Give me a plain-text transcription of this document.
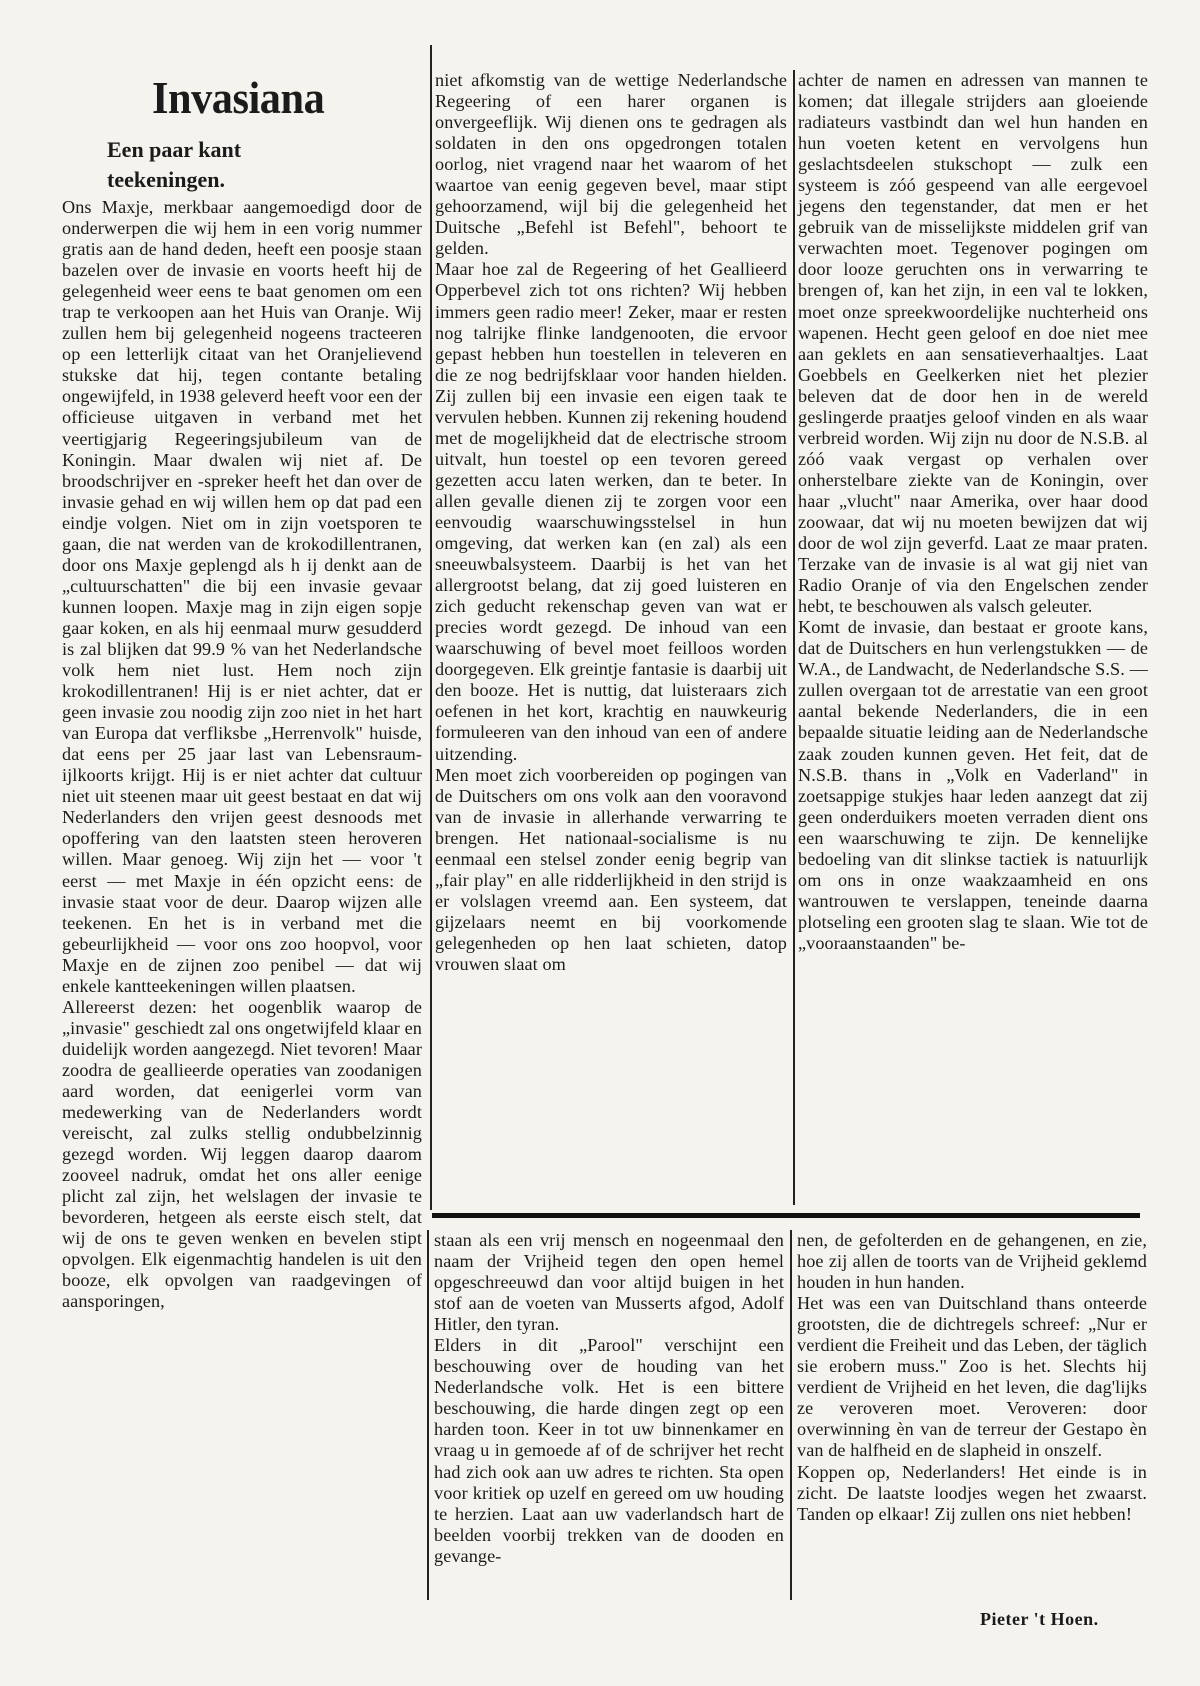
Invasiana
Een paar kant
teekeningen.
Ons Maxje, merkbaar aangemoedigd door de onderwerpen die wij hem in een vorig nummer gratis aan de hand deden, heeft een poosje staan bazelen over de invasie en voorts heeft hij de gelegenheid weer eens te baat genomen om een trap te verkoopen aan het Huis van Oranje. Wij zullen hem bij gelegenheid nogeens tracteeren op een letterlijk citaat van het Oranjelievend stukske dat hij, tegen contante betaling ongewijfeld, in 1938 geleverd heeft voor een der officieuse uitgaven in verband met het veertigjarig Regeeringsjubileum van de Koningin. Maar dwalen wij niet af. De broodschrijver en -spreker heeft het dan over de invasie gehad en wij willen hem op dat pad een eindje volgen. Niet om in zijn voetsporen te gaan, die nat werden van de krokodillentranen, door ons Maxje geplengd als h ij denkt aan de „cultuurschatten" die bij een invasie gevaar kunnen loopen. Maxje mag in zijn eigen sopje gaar koken, en als hij eenmaal murw gesudderd is zal blijken dat 99.9 % van het Nederlandsche volk hem niet lust. Hem noch zijn krokodillentranen! Hij is er niet achter, dat er geen invasie zou noodig zijn zoo niet in het hart van Europa dat verfliksbe „Herrenvolk" huisde, dat eens per 25 jaar last van Lebensraum-ijlkoorts krijgt. Hij is er niet achter dat cultuur niet uit steenen maar uit geest bestaat en dat wij Nederlanders den vrijen geest desnoods met opoffering van den laatsten steen heroveren willen. Maar genoeg. Wij zijn het — voor 't eerst — met Maxje in één opzicht eens: de invasie staat voor de deur. Daarop wijzen alle teekenen. En het is in verband met die gebeurlijkheid — voor ons zoo hoopvol, voor Maxje en de zijnen zoo penibel — dat wij enkele kantteekeningen willen plaatsen.
Allereerst dezen: het oogenblik waarop de „invasie" geschiedt zal ons ongetwijfeld klaar en duidelijk worden aangezegd. Niet tevoren! Maar zoodra de geallieerde operaties van zoodanigen aard worden, dat eenigerlei vorm van medewerking van de Nederlanders wordt vereischt, zal zulks stellig ondubbelzinnig gezegd worden. Wij leggen daarop daarom zooveel nadruk, omdat het ons aller eenige plicht zal zijn, het welslagen der invasie te bevorderen, hetgeen als eerste eisch stelt, dat wij de ons te geven wenken en bevelen stipt opvolgen. Elk eigenmachtig handelen is uit den booze, elk opvolgen van raadgevingen of aansporingen,
niet afkomstig van de wettige Nederlandsche Regeering of een harer organen is onvergeeflijk. Wij dienen ons te gedragen als soldaten in den ons opgedrongen totalen oorlog, niet vragend naar het waarom of het waartoe van eenig gegeven bevel, maar stipt gehoorzamend, wijl bij die gelegenheid het Duitsche „Befehl ist Befehl", behoort te gelden.
Maar hoe zal de Regeering of het Geallieerd Opperbevel zich tot ons richten? Wij hebben immers geen radio meer! Zeker, maar er resten nog talrijke flinke landgenooten, die ervoor gepast hebben hun toestellen in televeren en die ze nog bedrijfsklaar voor handen hielden. Zij zullen bij een invasie een eigen taak te vervulen hebben. Kunnen zij rekening houdend met de mogelijkheid dat de electrische stroom uitvalt, hun toestel op een tevoren gereed gezetten accu laten werken, dan te beter. In allen gevalle dienen zij te zorgen voor een eenvoudig waarschuwingsstelsel in hun omgeving, dat werken kan (en zal) als een sneeuwbalsysteem. Daarbij is het van het allergrootst belang, dat zij goed luisteren en zich geducht rekenschap geven van wat er precies wordt gezegd. De inhoud van een waarschuwing of bevel moet feilloos worden doorgegeven. Elk greintje fantasie is daarbij uit den booze. Het is nuttig, dat luisteraars zich oefenen in het kort, krachtig en nauwkeurig formuleeren van den inhoud van een of andere uitzending.
Men moet zich voorbereiden op pogingen van de Duitschers om ons volk aan den vooravond van de invasie in allerhande verwarring te brengen. Het nationaal-socialisme is nu eenmaal een stelsel zonder eenig begrip van „fair play" en alle ridderlijkheid in den strijd is er volslagen vreemd aan. Een systeem, dat gijzelaars neemt en bij voorkomende gelegenheden op hen laat schieten, datop vrouwen slaat om
achter de namen en adressen van mannen te komen; dat illegale strijders aan gloeiende radiateurs vastbindt dan wel hun handen en hun voeten ketent en vervolgens hun geslachtsdeelen stukschopt — zulk een systeem is zóó gespeend van alle eergevoel jegens den tegenstander, dat men er het gebruik van de misselijkste middelen grif van verwachten moet. Tegenover pogingen om door looze geruchten ons in verwarring te brengen of, kan het zijn, in een val te lokken, moet onze spreekwoordelijke nuchterheid ons wapenen. Hecht geen geloof en doe niet mee aan geklets en aan sensatieverhaaltjes. Laat Goebbels en Geelkerken niet het plezier beleven dat de door hen in de wereld geslingerde praatjes geloof vinden en als waar verbreid worden. Wij zijn nu door de N.S.B. al zóó vaak vergast op verhalen over onherstelbare ziekte van de Koningin, over haar „vlucht" naar Amerika, over haar dood zoowaar, dat wij nu moeten bewijzen dat wij door de wol zijn geverfd. Laat ze maar praten. Terzake van de invasie is al wat gij niet van Radio Oranje of via den Engelschen zender hebt, te beschouwen als valsch geleuter.
Komt de invasie, dan bestaat er groote kans, dat de Duitschers en hun verlengstukken — de W.A., de Landwacht, de Nederlandsche S.S. — zullen overgaan tot de arrestatie van een groot aantal bekende Nederlanders, die in een bepaalde situatie leiding aan de Nederlandsche zaak zouden kunnen geven. Het feit, dat de N.S.B. thans in „Volk en Vaderland" in zoetsappige stukjes haar leden aanzegt dat zij geen onderduikers moeten verraden dient ons een waarschuwing te zijn. De kennelijke bedoeling van dit slinkse tactiek is natuurlijk om ons in onze waakzaamheid en ons wantrouwen te verslappen, teneinde daarna plotseling een grooten slag te slaan. Wie tot de „vooraanstaanden" be-
staan als een vrij mensch en nogeenmaal den naam der Vrijheid tegen den open hemel opgeschreeuwd dan voor altijd buigen in het stof aan de voeten van Musserts afgod, Adolf Hitler, den tyran.
Elders in dit „Parool" verschijnt een beschouwing over de houding van het Nederlandsche volk. Het is een bittere beschouwing, die harde dingen zegt op een harden toon. Keer in tot uw binnenkamer en vraag u in gemoede af of de schrijver het recht had zich ook aan uw adres te richten. Sta open voor kritiek op uzelf en gereed om uw houding te herzien. Laat aan uw vaderlandsch hart de beelden voorbij trekken van de dooden en gevange-
nen, de gefolterden en de gehangenen, en zie, hoe zij allen de toorts van de Vrijheid geklemd houden in hun handen.
Het was een van Duitschland thans onteerde grootsten, die de dichtregels schreef: „Nur er verdient die Freiheit und das Leben, der täglich sie erobern muss." Zoo is het. Slechts hij verdient de Vrijheid en het leven, die dag'lijks ze veroveren moet. Veroveren: door overwinning èn van de terreur der Gestapo èn van de halfheid en de slapheid in onszelf.
Koppen op, Nederlanders! Het einde is in zicht. De laatste loodjes wegen het zwaarst. Tanden op elkaar! Zij zullen ons niet hebben!
Pieter 't Hoen.
